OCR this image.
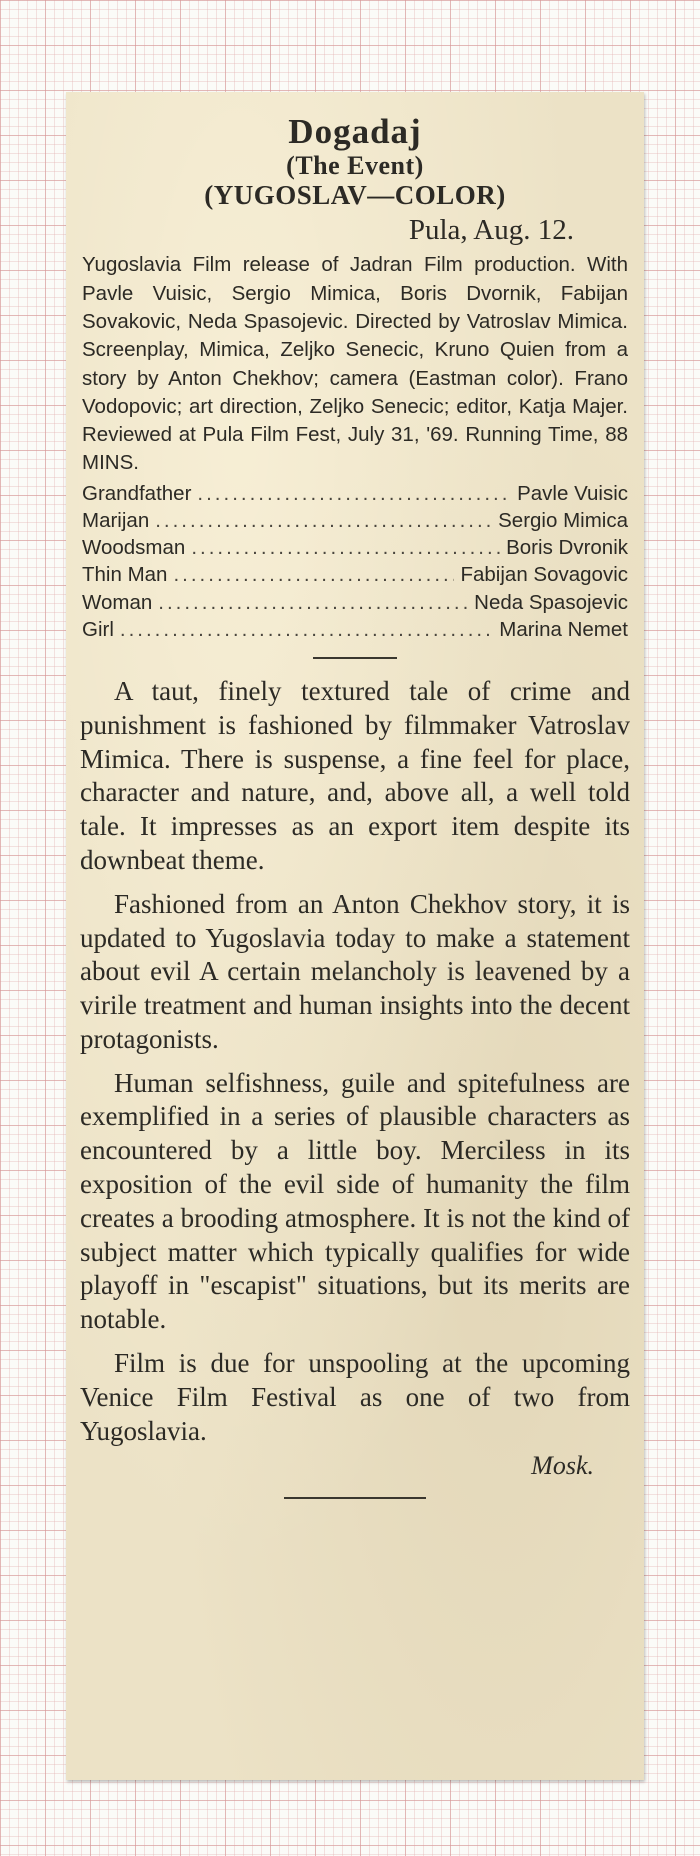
Dogadaj
(The Event)
(YUGOSLAV—COLOR)
Pula, Aug. 12.
Yugoslavia Film release of Jadran Film production. With Pavle Vuisic, Sergio Mimica, Boris Dvornik, Fabijan Sovakovic, Neda Spasojevic. Directed by Vatroslav Mimica. Screenplay, Mimica, Zeljko Senecic, Kruno Quien from a story by Anton Chekhov; camera (Eastman color). Frano Vodopovic; art direction, Zeljko Senecic; editor, Katja Majer. Reviewed at Pula Film Fest, July 31, '69. Running Time, 88 MINS.
Grandfather .....	Pavle Vuisic
Marijan .....	Sergio Mimica
Woodsman .....	Boris Dvronik
Thin Man .....	Fabijan Sovagovic
Woman .....	Neda Spasojevic
Girl .....	Marina Nemet

A taut, finely textured tale of crime and punishment is fashioned by filmmaker Vatroslav Mimica. There is suspense, a fine feel for place, character and nature, and, above all, a well told tale. It impresses as an export item despite its downbeat theme.

Fashioned from an Anton Chekhov story, it is updated to Yugoslavia today to make a statement about evil A certain melancholy is leavened by a virile treatment and human insights into the decent protagonists.

Human selfishness, guile and spitefulness are exemplified in a series of plausible characters as encountered by a little boy. Merciless in its exposition of the evil side of humanity the film creates a brooding atmosphere. It is not the kind of subject matter which typically qualifies for wide playoff in "escapist" situations, but its merits are notable.

Film is due for unspooling at the upcoming Venice Film Festival as one of two from Yugoslavia.

Mosk.
